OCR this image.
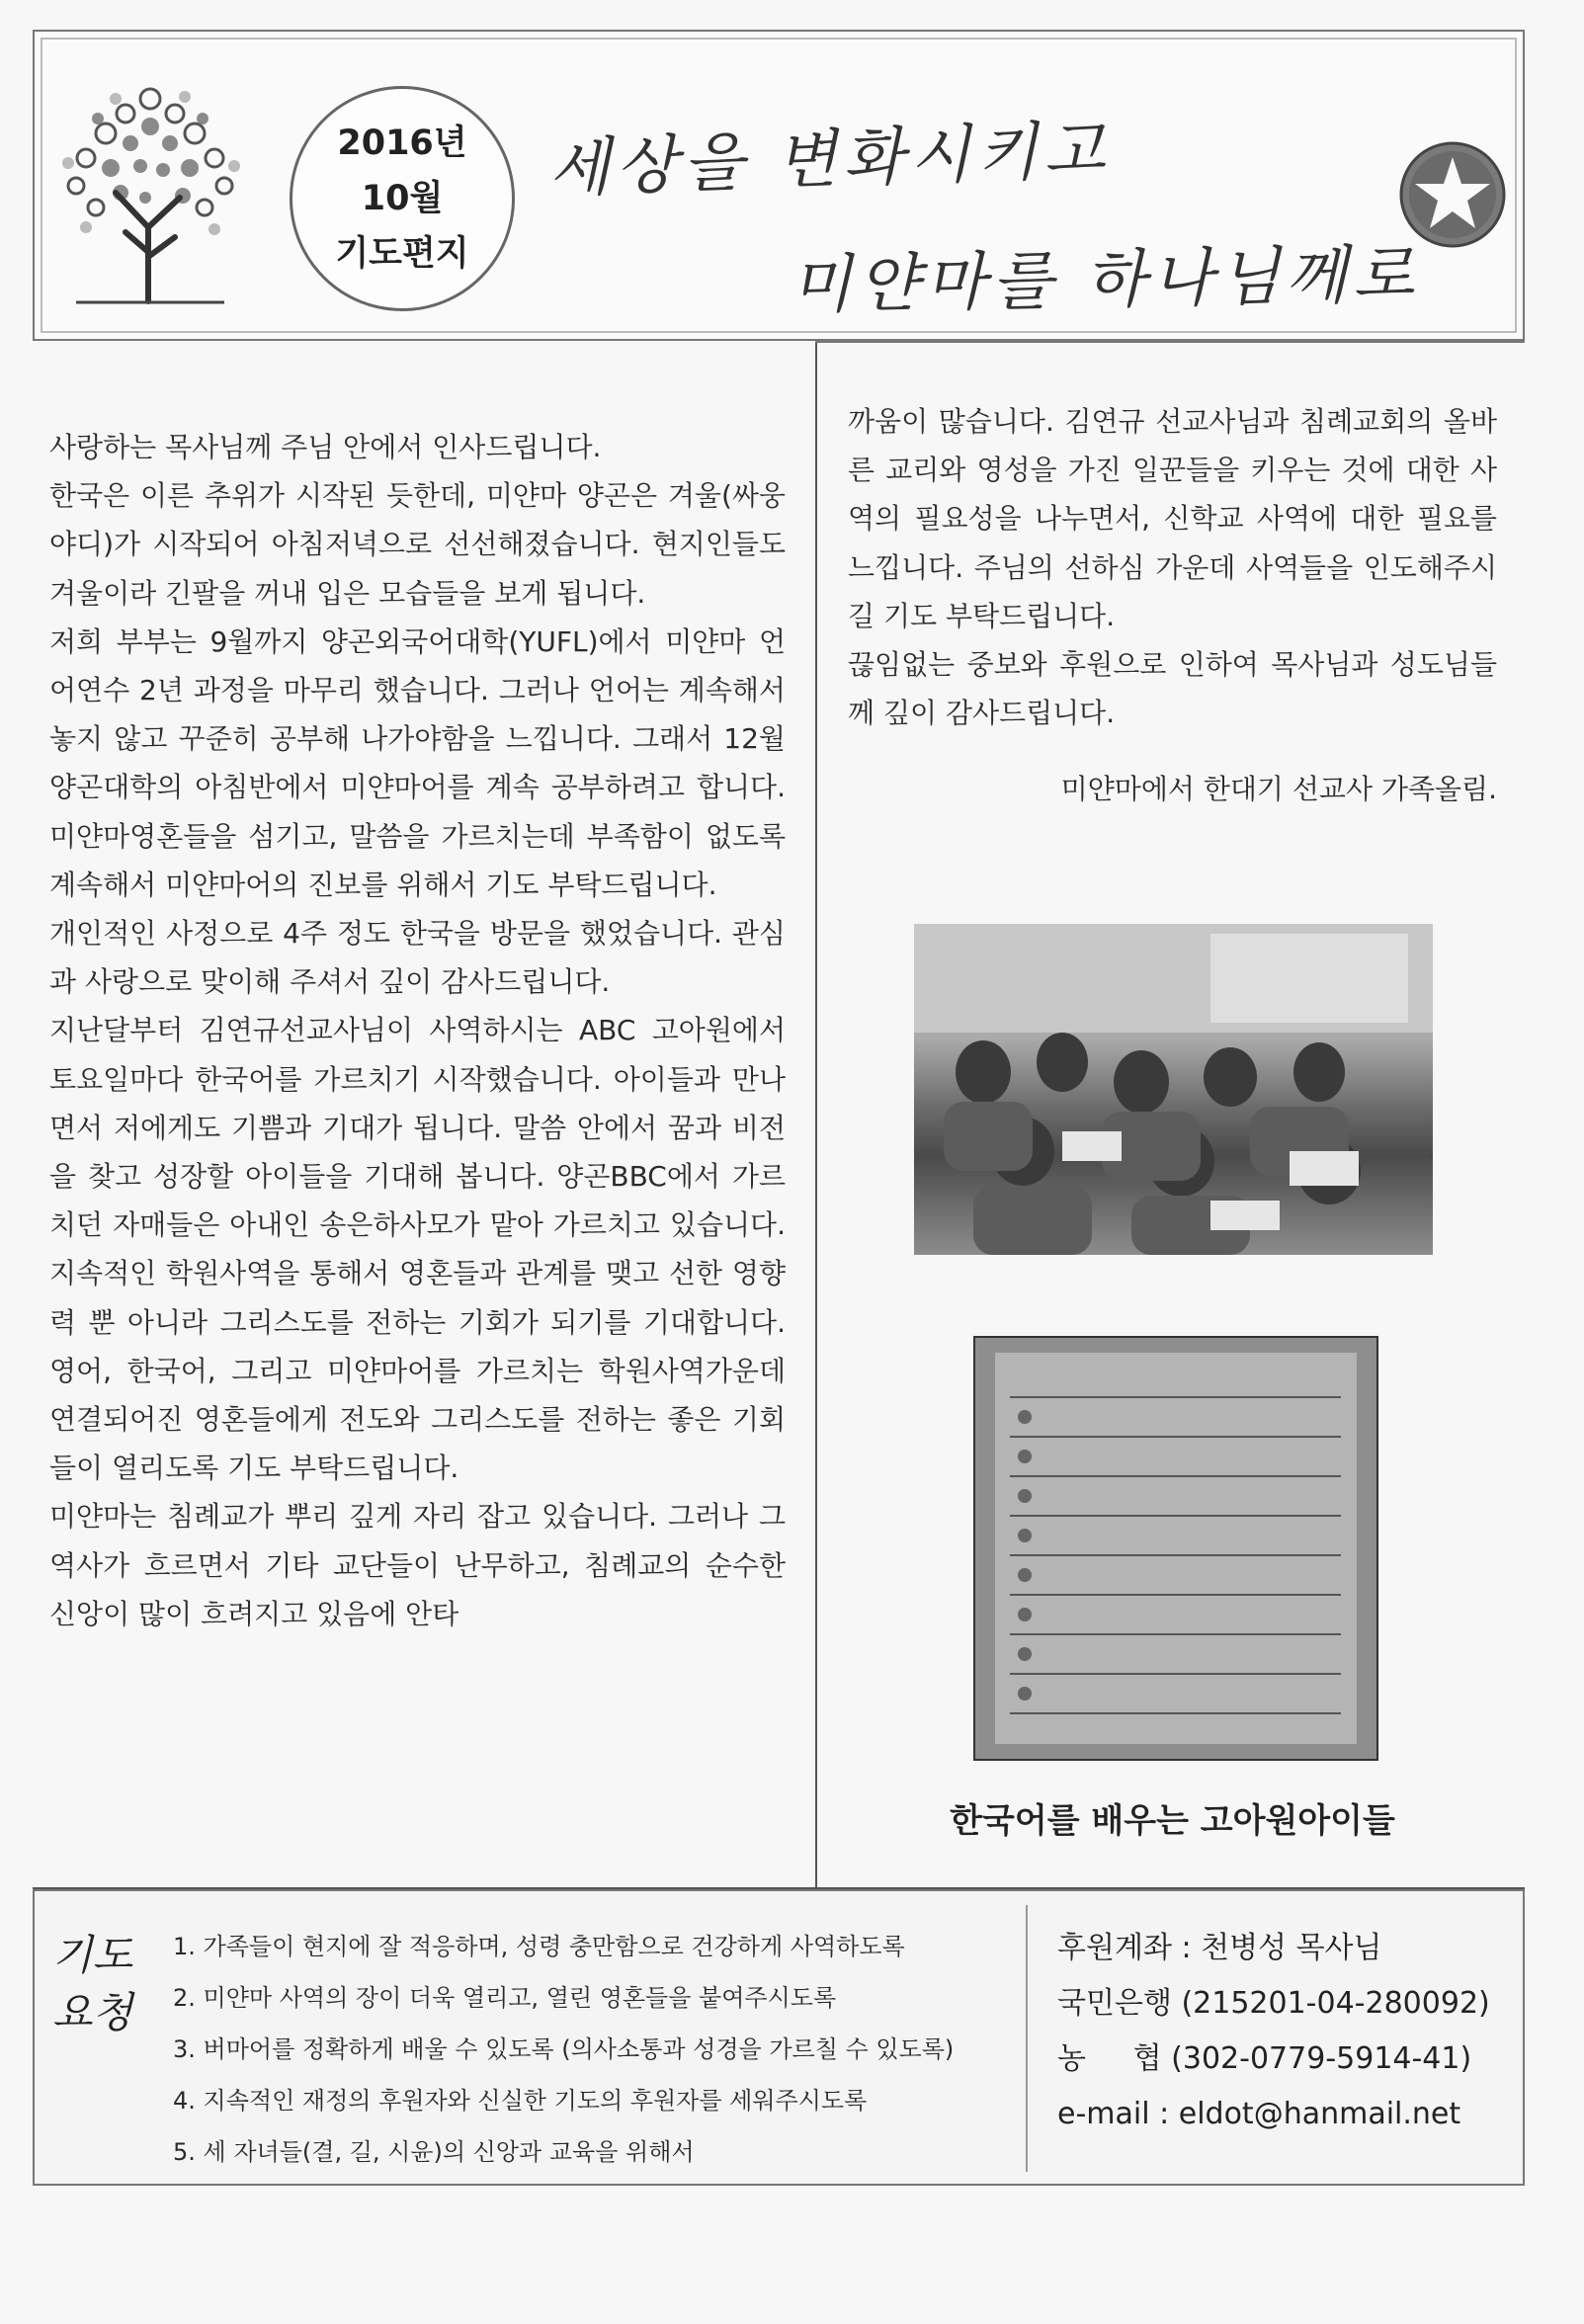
2016년
10월
기도편지
세상을 변화시키고
미얀마를 하나님께로

사랑하는 목사님께 주님 안에서 인사드립니다.

한국은 이른 추위가 시작된 듯한데, 미얀마 양곤은 겨울(싸웅야디)가 시작되어 아침저녁으로 선선해졌습니다. 현지인들도 겨울이라 긴팔을 꺼내 입은 모습들을 보게 됩니다.

저희 부부는 9월까지 양곤외국어대학(YUFL)에서 미얀마 언어연수 2년 과정을 마무리 했습니다. 그러나 언어는 계속해서 놓지 않고 꾸준히 공부해 나가야함을 느낍니다. 그래서 12월 양곤대학의 아침반에서 미얀마어를 계속 공부하려고 합니다. 미얀마영혼들을 섬기고, 말씀을 가르치는데 부족함이 없도록 계속해서 미얀마어의 진보를 위해서 기도 부탁드립니다.

개인적인 사정으로 4주 정도 한국을 방문을 했었습니다. 관심과 사랑으로 맞이해 주셔서 깊이 감사드립니다.

지난달부터 김연규선교사님이 사역하시는 ABC 고아원에서 토요일마다 한국어를 가르치기 시작했습니다. 아이들과 만나면서 저에게도 기쁨과 기대가 됩니다. 말씀 안에서 꿈과 비전을 찾고 성장할 아이들을 기대해 봅니다. 양곤BBC에서 가르치던 자매들은 아내인 송은하사모가 맡아 가르치고 있습니다. 지속적인 학원사역을 통해서 영혼들과 관계를 맺고 선한 영향력 뿐 아니라 그리스도를 전하는 기회가 되기를 기대합니다. 영어, 한국어, 그리고 미얀마어를 가르치는 학원사역가운데 연결되어진 영혼들에게 전도와 그리스도를 전하는 좋은 기회들이 열리도록 기도 부탁드립니다.

미얀마는 침례교가 뿌리 깊게 자리 잡고 있습니다. 그러나 그 역사가 흐르면서 기타 교단들이 난무하고, 침례교의 순수한 신앙이 많이 흐려지고 있음에 안타

까움이 많습니다. 김연규 선교사님과 침례교회의 올바른 교리와 영성을 가진 일꾼들을 키우는 것에 대한 사역의 필요성을 나누면서, 신학교 사역에 대한 필요를 느낍니다. 주님의 선하심 가운데 사역들을 인도해주시길 기도 부탁드립니다.

끊임없는 중보와 후원으로 인하여 목사님과 성도님들께 깊이 감사드립니다.

미얀마에서 한대기 선교사 가족올림.

한국어를 배우는 고아원아이들
기도
요청
1. 가족들이 현지에 잘 적응하며, 성령 충만함으로 건강하게 사역하도록
2. 미얀마 사역의 장이 더욱 열리고, 열린 영혼들을 붙여주시도록
3. 버마어를 정확하게 배울 수 있도록 (의사소통과 성경을 가르칠 수 있도록)
4. 지속적인 재정의 후원자와 신실한 기도의 후원자를 세워주시도록
5. 세 자녀들(결, 길, 시윤)의 신앙과 교육을 위해서
후원계좌 : 천병성 목사님
국민은행 (215201-04-280092)
농     협 (302-0779-5914-41)
e-mail : eldot@hanmail.net
